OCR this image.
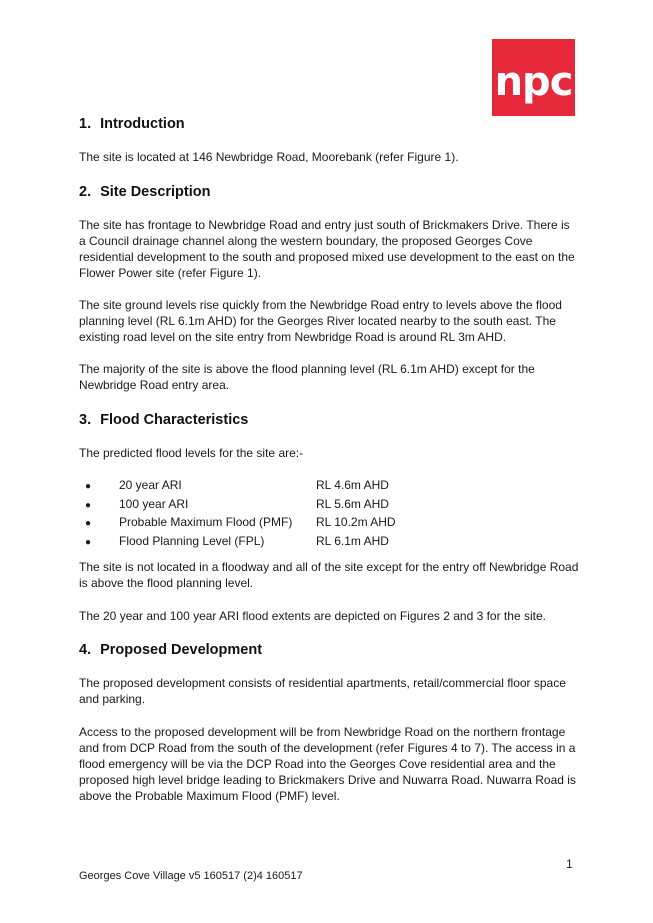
npc
1. Introduction

The site is located at 146 Newbridge Road, Moorebank (refer Figure 1).

2. Site Description

The site has frontage to Newbridge Road and entry just south of Brickmakers Drive. There is a Council drainage channel along the western boundary, the proposed Georges Cove residential development to the south and proposed mixed use development to the east on the Flower Power site (refer Figure 1).

The site ground levels rise quickly from the Newbridge Road entry to levels above the flood planning level (RL 6.1m AHD) for the Georges River located nearby to the south east. The existing road level on the site entry from Newbridge Road is around RL 3m AHD.

The majority of the site is above the flood planning level (RL 6.1m AHD) except for the Newbridge Road entry area.

3. Flood Characteristics

The predicted flood levels for the site are:-

●	20 year ARI	RL 4.6m AHD
●	100 year ARI	RL 5.6m AHD
●	Probable Maximum Flood (PMF)	RL 10.2m AHD
●	Flood Planning Level (FPL)	RL 6.1m AHD

The site is not located in a floodway and all of the site except for the entry off Newbridge Road is above the flood planning level.

The 20 year and 100 year ARI flood extents are depicted on Figures 2 and 3 for the site.

4. Proposed Development

The proposed development consists of residential apartments, retail/commercial floor space and parking.

Access to the proposed development will be from Newbridge Road on the northern frontage and from DCP Road from the south of the development (refer Figures 4 to 7). The access in a flood emergency will be via the DCP Road into the Georges Cove residential area and the proposed high level bridge leading to Brickmakers Drive and Nuwarra Road. Nuwarra Road is above the Probable Maximum Flood (PMF) level.

1
Georges Cove Village v5 160517 (2)4 160517
